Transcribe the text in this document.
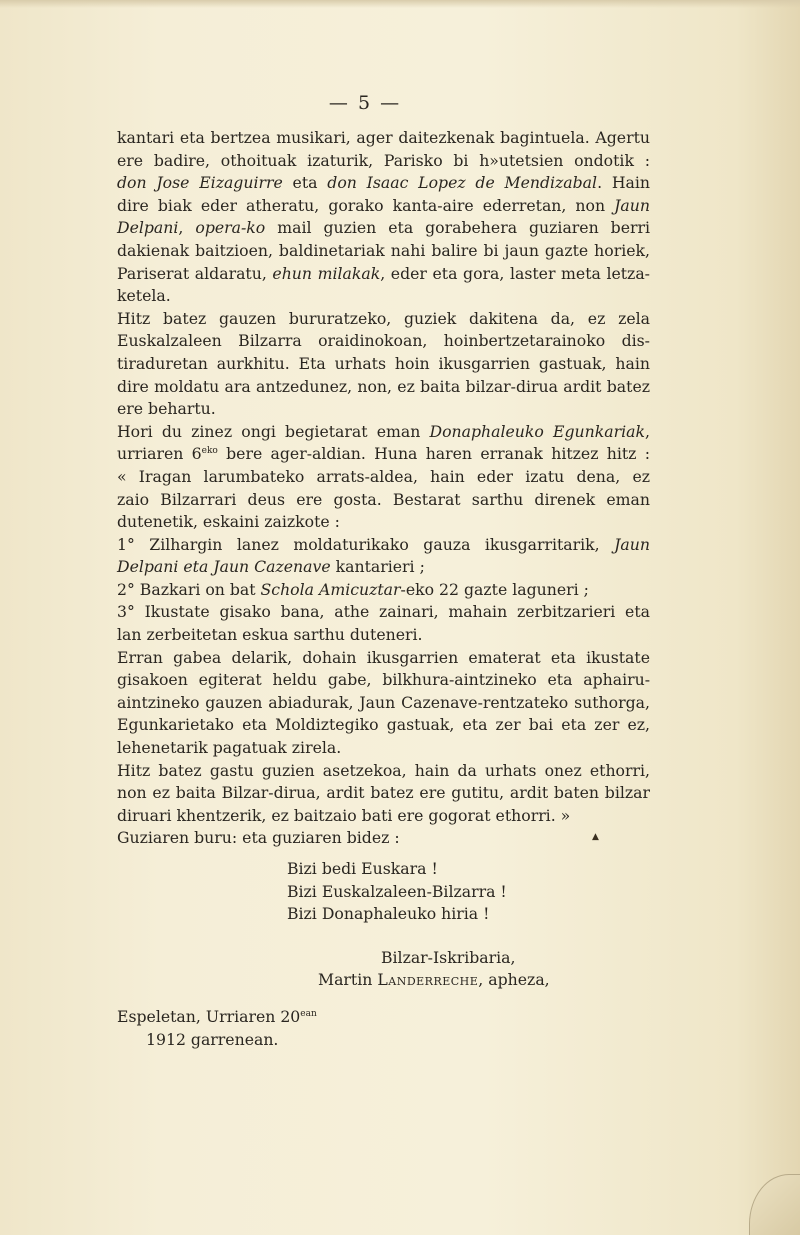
— 5 —
kantari eta bertzea musikari, ager daitezkenak bagintuela. Agertu
ere badire, othoituak izaturik, Parisko bi h»utetsien ondotik :
don Jose Eizaguirre eta don Isaac Lopez de Mendizabal. Hain
dire biak eder atheratu, gorako kanta-aire ederretan, non Jaun
Delpani, opera-ko mail guzien eta gorabehera guziaren berri
dakienak baitzioen, baldinetariak nahi balire bi jaun gazte horiek,
Pariserat aldaratu, ehun milakak, eder eta gora, laster meta letza-
ketela.
Hitz batez gauzen bururatzeko, guziek dakitena da, ez zela
Euskalzaleen Bilzarra oraidinokoan, hoinbertzetarainoko dis-
tiraduretan aurkhitu. Eta urhats hoin ikusgarrien gastuak, hain
dire moldatu ara antzedunez, non, ez baita bilzar-dirua ardit batez
ere behartu.
Hori du zinez ongi begietarat eman Donaphaleuko Egunkariak,
urriaren $6^{eko}$ bere ager-aldian. Huna haren erranak hitzez hitz :
« Iragan larumbateko arrats-aldea, hain eder izatu dena, ez
zaio Bilzarrari deus ere gosta. Bestarat sarthu direnek eman
dutenetik, eskaini zaizkote :
1° Zilhargin lanez moldaturikako gauza ikusgarritarik, Jaun
Delpani eta Jaun Cazenave kantarieri ;
2° Bazkari on bat Schola Amicuztar-eko 22 gazte laguneri ;
3° Ikustate gisako bana, athe zainari, mahain zerbitzarieri eta
lan zerbeitetan eskua sarthu duteneri.
Erran gabea delarik, dohain ikusgarrien ematerat eta ikustate
gisakoen egiterat heldu gabe, bilkhura-aintzineko eta aphairu-
aintzineko gauzen abiadurak, Jaun Cazenave-rentzateko suthorga,
Egunkarietako eta Moldiztegiko gastuak, eta zer bai eta zer ez,
lehenetarik pagatuak zirela.
Hitz batez gastu guzien asetzekoa, hain da urhats onez ethorri,
non ez baita Bilzar-dirua, ardit batez ere gutitu, ardit baten bilzar
diruari khentzerik, ez baitzaio bati ere gogorat ethorri. »
Guziaren buru: eta guziaren bidez :	▲
Bizi bedi Euskara !
Bizi Euskalzaleen-Bilzarra !
Bizi Donaphaleuko hiria !
Bilzar-Iskribaria,
Martin Landerreche, apheza,
Espeletan, Urriaren $20^{ean}$
1912 garrenean.
